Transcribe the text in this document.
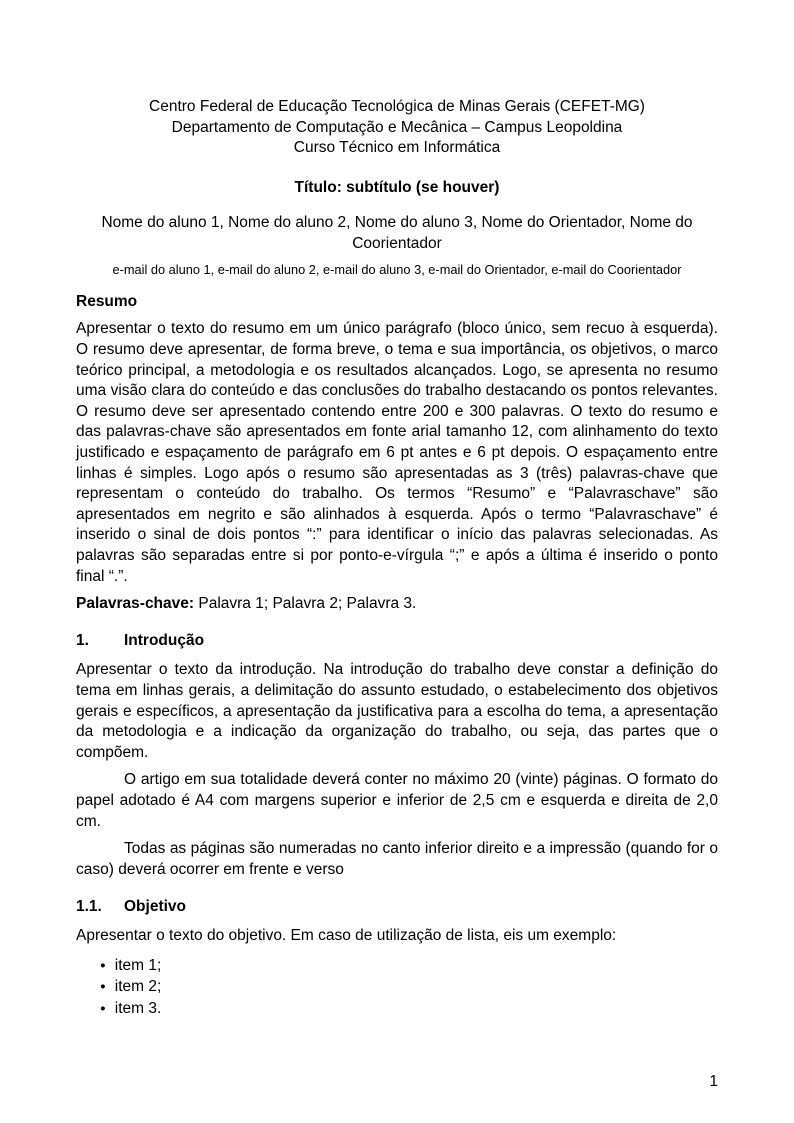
Centro Federal de Educação Tecnológica de Minas Gerais (CEFET-MG)
Departamento de Computação e Mecânica – Campus Leopoldina
Curso Técnico em Informática
Título: subtítulo (se houver)
Nome do aluno 1, Nome do aluno 2, Nome do aluno 3, Nome do Orientador, Nome do Coorientador
e-mail do aluno 1, e-mail do aluno 2, e-mail do aluno 3, e-mail do Orientador, e-mail do Coorientador
Resumo

Apresentar o texto do resumo em um único parágrafo (bloco único, sem recuo à esquerda). O resumo deve apresentar, de forma breve, o tema e sua importância, os objetivos, o marco teórico principal, a metodologia e os resultados alcançados. Logo, se apresenta no resumo uma visão clara do conteúdo e das conclusões do trabalho destacando os pontos relevantes. O resumo deve ser apresentado contendo entre 200 e 300 palavras. O texto do resumo e das palavras-chave são apresentados em fonte arial tamanho 12, com alinhamento do texto justificado e espaçamento de parágrafo em 6 pt antes e 6 pt depois. O espaçamento entre linhas é simples. Logo após o resumo são apresentadas as 3 (três) palavras-chave que representam o conteúdo do trabalho. Os termos “Resumo” e “Palavraschave” são apresentados em negrito e são alinhados à esquerda. Após o termo “Palavraschave” é inserido o sinal de dois pontos “:” para identificar o início das palavras selecionadas. As palavras são separadas entre si por ponto-e-vírgula “;” e após a última é inserido o ponto final “.”.

Palavras-chave: Palavra 1; Palavra 2; Palavra 3.

1. Introdução

Apresentar o texto da introdução. Na introdução do trabalho deve constar a definição do tema em linhas gerais, a delimitação do assunto estudado, o estabelecimento dos objetivos gerais e específicos, a apresentação da justificativa para a escolha do tema, a apresentação da metodologia e a indicação da organização do trabalho, ou seja, das partes que o compõem.

O artigo em sua totalidade deverá conter no máximo 20 (vinte) páginas. O formato do papel adotado é A4 com margens superior e inferior de 2,5 cm e esquerda e direita de 2,0 cm.

Todas as páginas são numeradas no canto inferior direito e a impressão (quando for o caso) deverá ocorrer em frente e verso

1.1. Objetivo

Apresentar o texto do objetivo. Em caso de utilização de lista, eis um exemplo:

● item 1;
● item 2;
● item 3.
1
